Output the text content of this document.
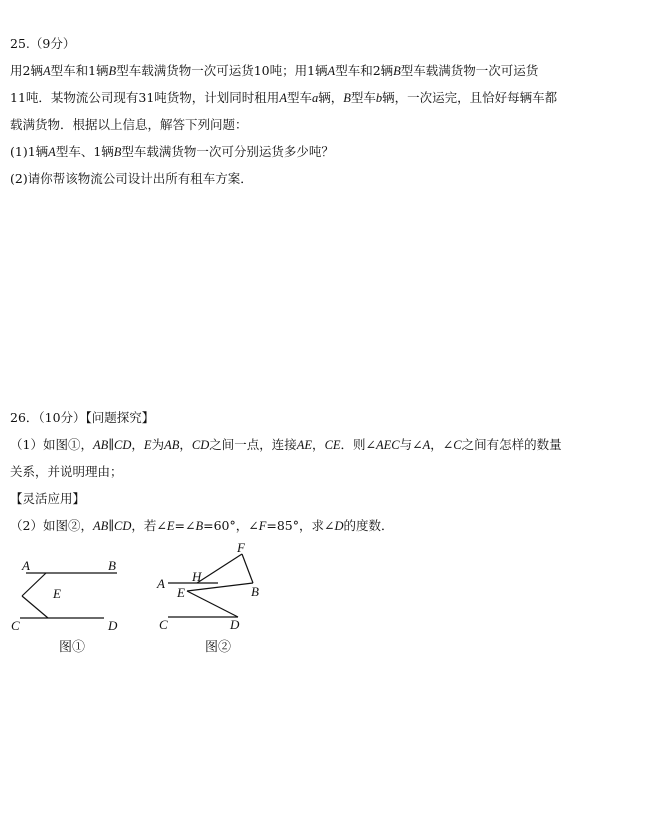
25.（9分）
用2辆A型车和1辆B型车载满货物一次可运货10吨；用1辆A型车和2辆B型车载满货物一次可运货
11吨．某物流公司现有31吨货物，计划同时租用A型车a辆，B型车b辆，一次运完，且恰好每辆车都
载满货物．根据以上信息，解答下列问题：
(1)1辆A型车、1辆B型车载满货物一次可分别运货多少吨？
(2)请你帮该物流公司设计出所有租车方案．
26．（10分）【问题探究】
（1）如图①，AB∥CD，E为AB，CD之间一点，连接AE，CE．则∠AEC与∠A，∠C之间有怎样的数量
关系，并说明理由；
【灵活应用】
（2）如图②，AB∥CD，若∠E=∠B=60°，∠F=85°，求∠D的度数．
A	B
E
C	D
图①
F
A H
E	B
C	D
图②
